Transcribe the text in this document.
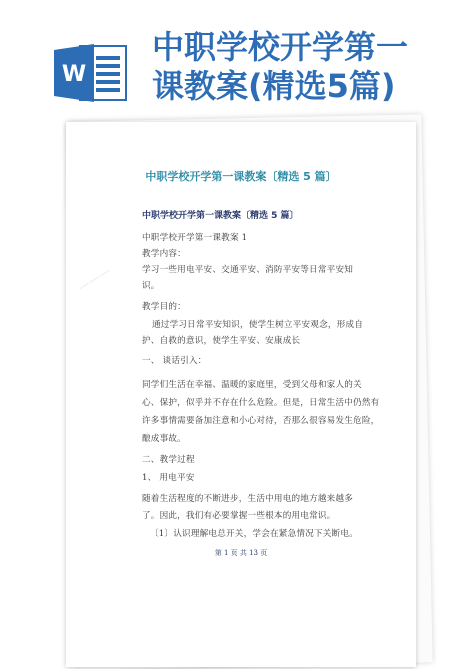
W
中职学校开学第一
课教案(精选5篇)
———
中职学校开学第一课教案〔精选 5 篇〕
中职学校开学第一课教案〔精选 5 篇〕
中职学校开学第一课教案 1
教学内容：
学习一些用电平安、交通平安、消防平安等日常平安知
识。
教学目的：
通过学习日常平安知识，使学生树立平安观念，形成自
护、自救的意识，使学生平安、安康成长
一、 谈话引入：
同学们生活在幸福、温暖的家庭里，受到父母和家人的关
心、保护，似乎并不存在什么危险。但是，日常生活中仍然有
许多事情需要备加注意和小心对待，否那么很容易发生危险，
酿成事故。
二、教学过程
1、 用电平安
随着生活程度的不断进步，生活中用电的地方越来越多
了。因此，我们有必要掌握一些根本的用电常识。
〔1〕认识理解电总开关，学会在紧急情况下关断电。
第 1 页 共 13 页
